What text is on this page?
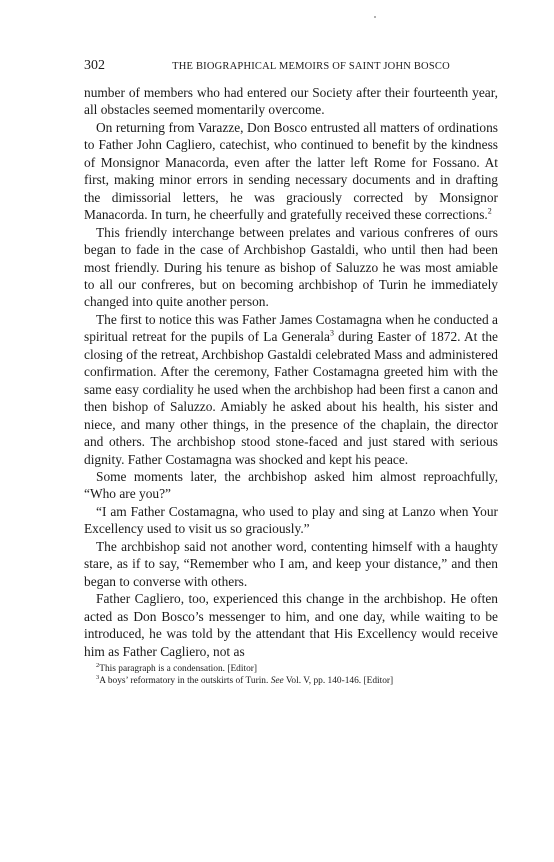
302	THE BIOGRAPHICAL MEMOIRS OF SAINT JOHN BOSCO

number of members who had entered our Society after their fourteenth year, all obstacles seemed momentarily overcome.

On returning from Varazze, Don Bosco entrusted all matters of ordinations to Father John Cagliero, catechist, who continued to benefit by the kindness of Monsignor Manacorda, even after the latter left Rome for Fossano. At first, making minor errors in sending necessary documents and in drafting the dimissorial letters, he was graciously corrected by Monsignor Manacorda. In turn, he cheerfully and gratefully received these corrections.$^2$

This friendly interchange between prelates and various confreres of ours began to fade in the case of Archbishop Gastaldi, who until then had been most friendly. During his tenure as bishop of Saluzzo he was most amiable to all our confreres, but on becoming archbishop of Turin he immediately changed into quite another person.

The first to notice this was Father James Costamagna when he conducted a spiritual retreat for the pupils of La Generala$^3$ during Easter of 1872. At the closing of the retreat, Archbishop Gastaldi celebrated Mass and administered confirmation. After the ceremony, Father Costamagna greeted him with the same easy cordiality he used when the archbishop had been first a canon and then bishop of Saluzzo. Amiably he asked about his health, his sister and niece, and many other things, in the presence of the chaplain, the director and others. The archbishop stood stone-faced and just stared with serious dignity. Father Costamagna was shocked and kept his peace.

Some moments later, the archbishop asked him almost reproachfully, “Who are you?”

“I am Father Costamagna, who used to play and sing at Lanzo when Your Excellency used to visit us so graciously.”

The archbishop said not another word, contenting himself with a haughty stare, as if to say, “Remember who I am, and keep your distance,” and then began to converse with others.

Father Cagliero, too, experienced this change in the archbishop. He often acted as Don Bosco’s messenger to him, and one day, while waiting to be introduced, he was told by the attendant that His Excellency would receive him as Father Cagliero, not as

$^2$This paragraph is a condensation. [Editor]
$^3$A boys’ reformatory in the outskirts of Turin. See Vol. V, pp. 140-146. [Editor]
